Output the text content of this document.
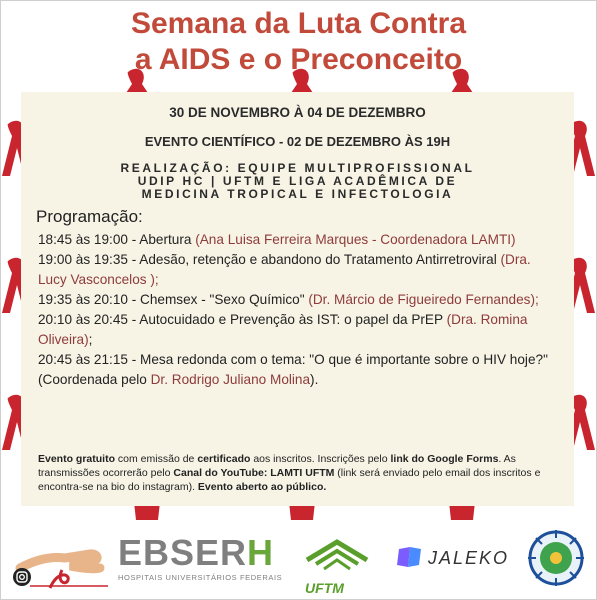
Semana da Luta Contra
a AIDS e o Preconceito
30 DE NOVEMBRO À 04 DE DEZEMBRO
EVENTO CIENTÍFICO - 02 DE DEZEMBRO ÀS 19H
REALIZAÇÃO: EQUIPE MULTIPROFISSIONAL
UDIP HC | UFTM E LIGA ACADÊMICA DE
MEDICINA TROPICAL E INFECTOLOGIA
Programação:
18:45 às 19:00 - Abertura (Ana Luisa Ferreira Marques - Coordenadora LAMTI)
19:00 às 19:35 - Adesão, retenção e abandono do Tratamento Antirretroviral (Dra. Lucy Vasconcelos );
19:35 às 20:10 - Chemsex - "Sexo Químico" (Dr. Márcio de Figueiredo Fernandes);
20:10 às 20:45 - Autocuidado e Prevenção às IST: o papel da PrEP (Dra. Romina Oliveira);
20:45 às 21:15 - Mesa redonda com o tema: "O que é importante sobre o HIV hoje?" (Coordenada pelo Dr. Rodrigo Juliano Molina).
Evento gratuito com emissão de certificado aos inscritos. Inscrições pelo link do Google Forms. As transmissões ocorrerão pelo Canal do YouTube: LAMTI UFTM (link será enviado pelo email dos inscritos e encontra-se na bio do instagram). Evento aberto ao público.
EBSERH
HOSPITAIS UNIVERSITÁRIOS FEDERAIS
UFTM
JALEKO
